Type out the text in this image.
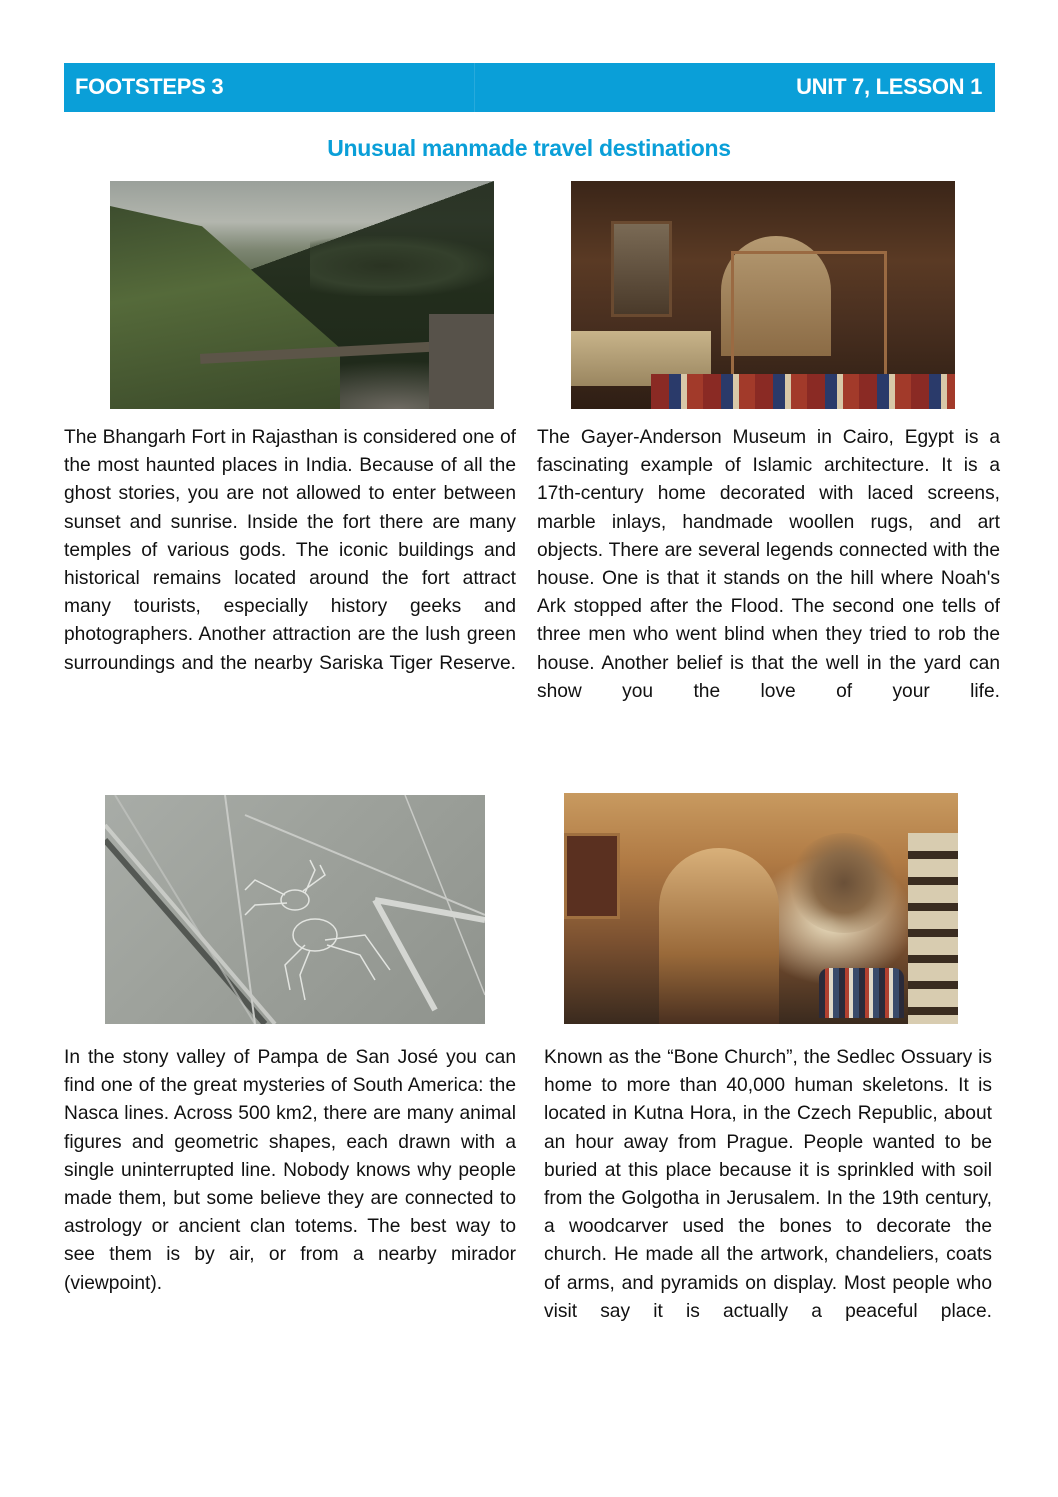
FOOTSTEPS 3	UNIT 7, LESSON 1
Unusual manmade travel destinations
The Bhangarh Fort in Rajasthan is considered one of the most haunted places in India. Because of all the ghost stories, you are not allowed to enter between sunset and sunrise. Inside the fort there are many temples of various gods. The iconic buildings and historical remains located around the fort attract many tourists, especially history geeks and photographers. Another attraction are the lush green surroundings and the nearby Sariska Tiger Reserve.
The Gayer-Anderson Museum in Cairo, Egypt is a fascinating example of Islamic architecture. It is a 17th-century home decorated with laced screens, marble inlays, handmade woollen rugs, and art objects. There are several legends connected with the house. One is that it stands on the hill where Noah's Ark stopped after the Flood. The second one tells of three men who went blind when they tried to rob the house. Another belief is that the well in the yard can show you the love of your life.
In the stony valley of Pampa de San José you can find one of the great mysteries of South America: the Nasca lines. Across 500 km2, there are many animal figures and geometric shapes, each drawn with a single uninterrupted line. Nobody knows why people made them, but some believe they are connected to astrology or ancient clan totems. The best way to see them is by air, or from a nearby mirador (viewpoint).
Known as the “Bone Church”, the Sedlec Ossuary is home to more than 40,000 human skeletons. It is located in Kutna Hora, in the Czech Republic, about an hour away from Prague. People wanted to be buried at this place because it is sprinkled with soil from the Golgotha in Jerusalem. In the 19th century, a woodcarver used the bones to decorate the church. He made all the artwork, chandeliers, coats of arms, and pyramids on display. Most people who visit say it is actually a peaceful place.
